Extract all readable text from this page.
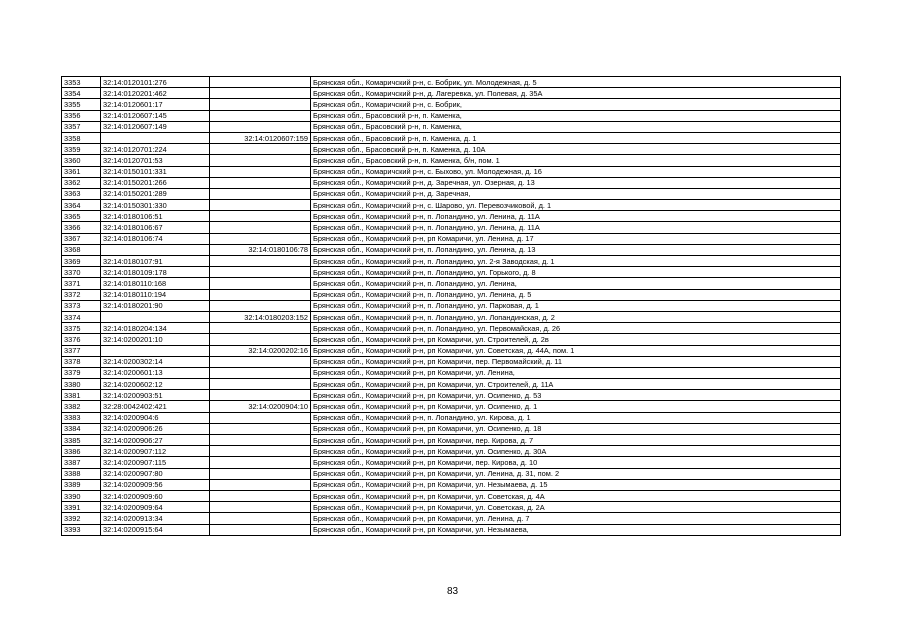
3353	32:14:0120101:276		Брянская обл., Комаричский р-н, с. Бобрик, ул. Молодежная, д. 5
3354	32:14:0120201:462		Брянская обл., Комаричский р-н, д. Лагеревка, ул. Полевая, д. 35А
3355	32:14:0120601:17		Брянская обл., Комаричский р-н, с. Бобрик,
3356	32:14:0120607:145		Брянская обл., Брасовский р-н, п. Каменка,
3357	32:14:0120607:149		Брянская обл., Брасовский р-н, п. Каменка,
3358		32:14:0120607:159	Брянская обл., Брасовский р-н, п. Каменка, д. 1
3359	32:14:0120701:224		Брянская обл., Брасовский р-н, п. Каменка, д. 10А
3360	32:14:0120701:53		Брянская обл., Брасовский р-н, п. Каменка, б/н, пом. 1
3361	32:14:0150101:331		Брянская обл., Комаричский р-н, с. Быхово, ул. Молодежная, д. 16
3362	32:14:0150201:266		Брянская обл., Комаричский р-н, д. Заречная, ул. Озерная, д. 13
3363	32:14:0150201:289		Брянская обл., Комаричский р-н, д. Заречная,
3364	32:14:0150301:330		Брянская обл., Комаричский р-н, с. Шарово, ул. Перевозчиковой, д. 1
3365	32:14:0180106:51		Брянская обл., Комаричский р-н, п. Лопандино, ул. Ленина, д. 11А
3366	32:14:0180106:67		Брянская обл., Комаричский р-н, п. Лопандино, ул. Ленина, д. 11А
3367	32:14:0180106:74		Брянская обл., Комаричский р-н, рп Комаричи, ул. Ленина, д. 17
3368		32:14:0180106:78	Брянская обл., Комаричский р-н, п. Лопандино, ул. Ленина, д. 13
3369	32:14:0180107:91		Брянская обл., Комаричский р-н, п. Лопандино, ул. 2-я Заводская, д. 1
3370	32:14:0180109:178		Брянская обл., Комаричский р-н, п. Лопандино, ул. Горького, д. 8
3371	32:14:0180110:168		Брянская обл., Комаричский р-н, п. Лопандино, ул. Ленина,
3372	32:14:0180110:194		Брянская обл., Комаричский р-н, п. Лопандино, ул. Ленина, д. 5
3373	32:14:0180201:90		Брянская обл., Комаричский р-н, п. Лопандино, ул. Парковая, д. 1
3374		32:14:0180203:152	Брянская обл., Комаричский р-н, п. Лопандино, ул. Лопандинская, д. 2
3375	32:14:0180204:134		Брянская обл., Комаричский р-н, п. Лопандино, ул. Первомайская, д. 26
3376	32:14:0200201:10		Брянская обл., Комаричский р-н, рп Комаричи, ул. Строителей, д. 2в
3377		32:14:0200202:16	Брянская обл., Комаричский р-н, рп Комаричи, ул. Советская, д. 44А, пом. 1
3378	32:14:0200302:14		Брянская обл., Комаричский р-н, рп Комаричи, пер. Первомайский, д. 11
3379	32:14:0200601:13		Брянская обл., Комаричский р-н, рп Комаричи, ул. Ленина,
3380	32:14:0200602:12		Брянская обл., Комаричский р-н, рп Комаричи, ул. Строителей, д. 11А
3381	32:14:0200903:51		Брянская обл., Комаричский р-н, рп Комаричи, ул. Осипенко, д. 53
3382	32:28:0042402:421	32:14:0200904:10	Брянская обл., Комаричский р-н, рп Комаричи, ул. Осипенко, д. 1
3383	32:14:0200904:6		Брянская обл., Комаричский р-н, п. Лопандино, ул. Кирова, д. 1
3384	32:14:0200906:26		Брянская обл., Комаричский р-н, рп Комаричи, ул. Осипенко, д. 18
3385	32:14:0200906:27		Брянская обл., Комаричский р-н, рп Комаричи, пер. Кирова, д. 7
3386	32:14:0200907:112		Брянская обл., Комаричский р-н, рп Комаричи, ул. Осипенко, д. 30А
3387	32:14:0200907:115		Брянская обл., Комаричский р-н, рп Комаричи, пер. Кирова, д. 10
3388	32:14:0200907:80		Брянская обл., Комаричский р-н, рп Комаричи, ул. Ленина, д. 31, пом. 2
3389	32:14:0200909:56		Брянская обл., Комаричский р-н, рп Комаричи, ул. Незымаева, д. 15
3390	32:14:0200909:60		Брянская обл., Комаричский р-н, рп Комаричи, ул. Советская, д. 4А
3391	32:14:0200909:64		Брянская обл., Комаричский р-н, рп Комаричи, ул. Советская, д. 2А
3392	32:14:0200913:34		Брянская обл., Комаричский р-н, рп Комаричи, ул. Ленина, д. 7
3393	32:14:0200915:64		Брянская обл., Комаричский р-н, рп Комаричи, ул. Незымаева,
83
